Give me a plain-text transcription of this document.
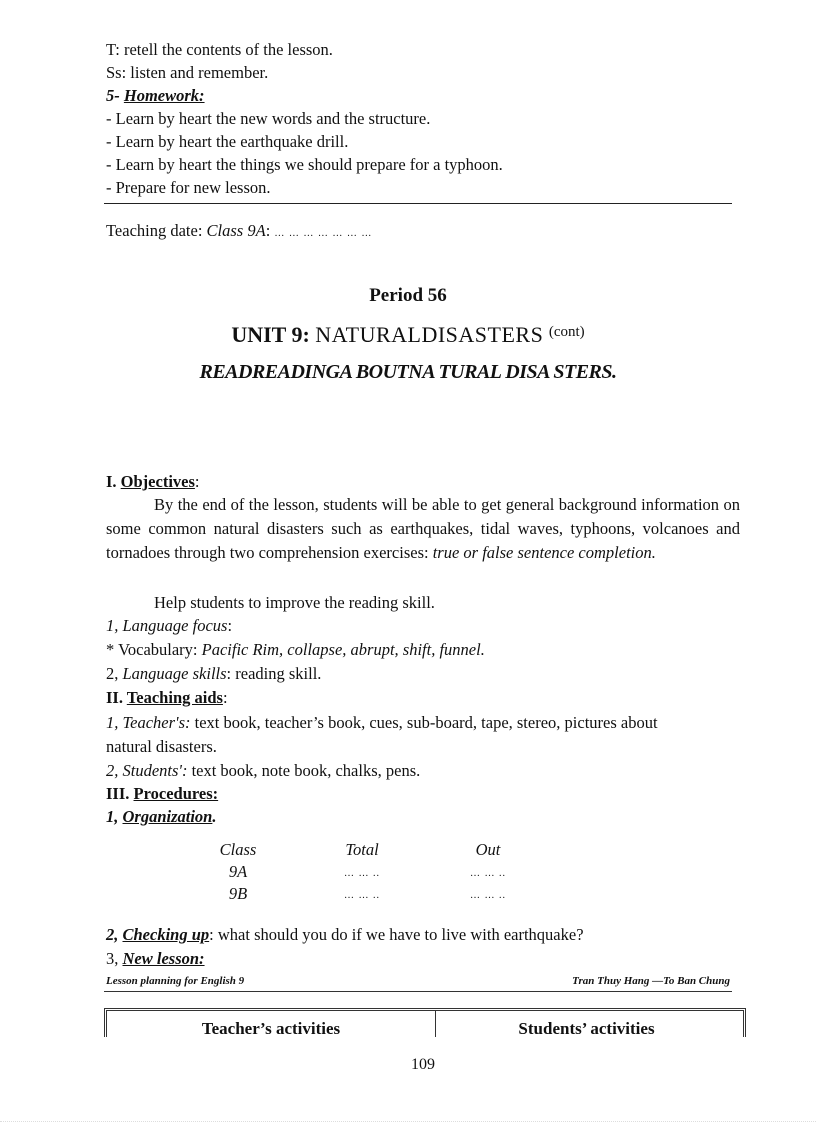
T: retell the contents of the lesson.
Ss: listen and remember.
5- Homework:
- Learn by heart the new words and the structure.
- Learn by heart the earthquake drill.
- Learn by heart the things we should prepare for a typhoon.
- Prepare for new lesson.
Teaching date: Class 9A: … … … … … … …
Period 56
UNIT 9: NATURALDISASTERS $^{(cont)}$
READREADINGA BOUTNA TURAL DISA STERS.
I. Objectives:
By the end of the lesson, students will be able to get general background information on some common natural disasters such as earthquakes, tidal waves, typhoons, volcanoes and tornadoes through two comprehension exercises: true or false sentence completion.
Help students to improve the reading skill.
1, Language focus:
* Vocabulary: Pacific Rim, collapse, abrupt, shift, funnel.
2, Language skills: reading skill.
II. Teaching aids:
1, Teacher's: text book, teacher’s book, cues, sub-board, tape, stereo, pictures about
natural disasters.
2, Students': text book, note book, chalks, pens.
III. Procedures:
1, Organization.
Class	Total	Out
9A	… … ..	… … ..
9B	… … ..	… … ..
2, Checking up: what should you do if we have to live with earthquake?
3, New lesson:
Lesson planning for English 9	Tran Thuy Hang —To Ban Chung
Teacher’s activities	Students’ activities
109
